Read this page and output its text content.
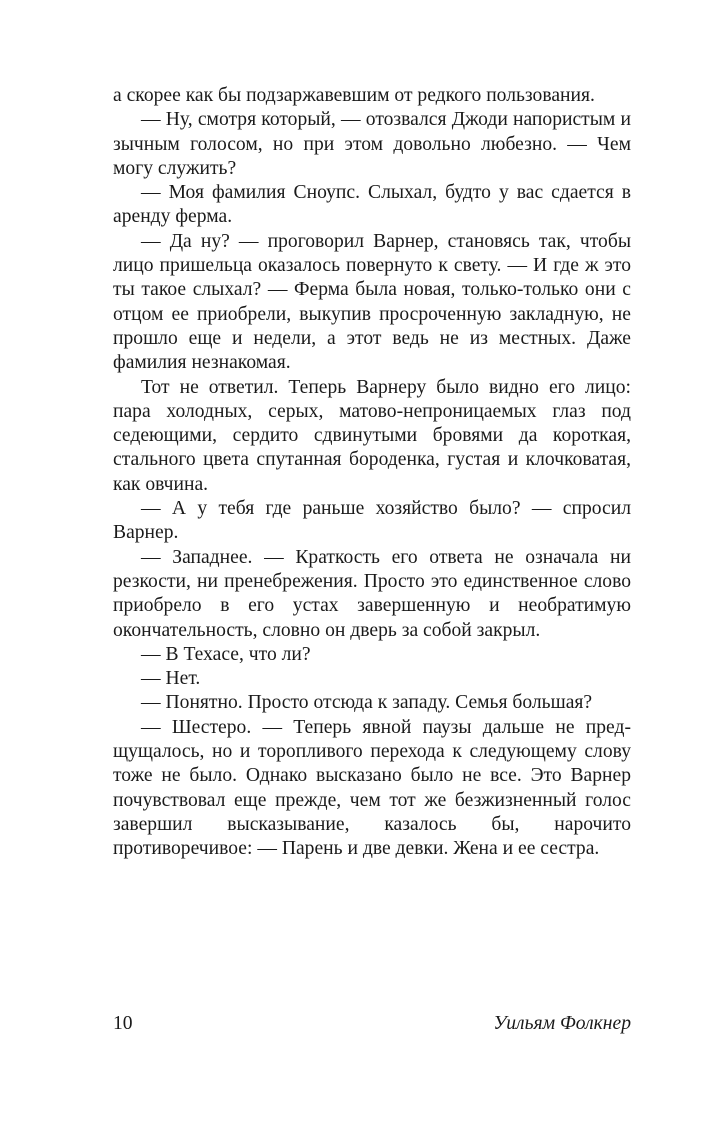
а скорее как бы подзаржавевшим от редкого пользования.

— Ну, смотря который, — отозвался Джоди напористым и зычным голосом, но при этом довольно любезно. — Чем могу служить?

— Моя фамилия Сноупс. Слыхал, будто у вас сдается в аренду ферма.

— Да ну? — проговорил Варнер, становясь так, чтобы лицо пришельца оказалось повернуто к свету. — И где ж это ты такое слыхал? — Ферма была новая, только-только они с отцом ее приобрели, выкупив просроченную закладную, не прошло еще и недели, а этот ведь не из местных. Даже фамилия незнакомая.

Тот не ответил. Теперь Варнеру было видно его лицо: пара холодных, серых, матово-непроницаемых глаз под седеющими, сердито сдвинутыми бровями да короткая, стального цвета спутанная бороденка, густая и клочковатая, как овчина.

— А у тебя где раньше хозяйство было? — спросил Варнер.

— Западнее. — Краткость его ответа не означала ни резкости, ни пренебрежения. Просто это единственное слово приобрело в его устах завершенную и необратимую окончательность, словно он дверь за собой закрыл.

— В Техасе, что ли?

— Нет.

— Понятно. Просто отсюда к западу. Семья большая?

— Шестеро. — Теперь явной паузы дальше не предщущалось, но и торопливого перехода к следующему слову тоже не было. Однако высказано было не все. Это Варнер почувствовал еще прежде, чем тот же безжизненный голос завершил высказывание, казалось бы, нарочито противоречивое: — Парень и две девки. Жена и ее сестра.

10	Уильям Фолкнер
